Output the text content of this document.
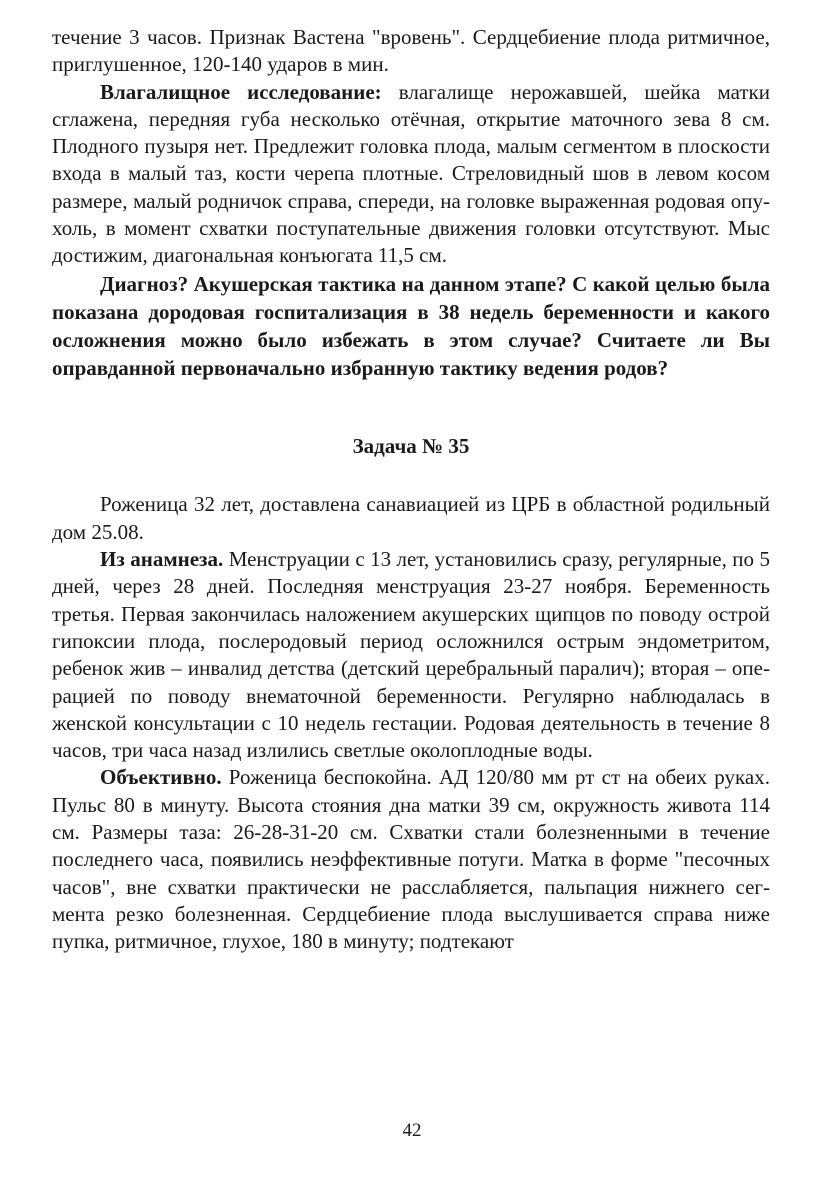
течение 3 часов. Признак Вастена "вровень". Сердцебиение плода ритмичное, приглушенное, 120-140 ударов в мин.

Влагалищное исследование: влагалище нерожавшей, шейка матки сглажена, передняя губа несколько отёчная, открытие маточного зева 8 см. Плодного пузыря нет. Предлежит головка плода, малым сегментом в плоскости входа в малый таз, кости черепа плотные. Стреловидный шов в левом косом размере, малый родничок справа, спереди, на головке выраженная родовая опухоль, в момент схватки поступательные движения головки отсутствуют. Мыс достижим, диагональная конъюгата 11,5 см.

Диагноз? Акушерская тактика на данном этапе? С какой целью была показана дородовая госпитализация в 38 недель беременности и какого осложнения можно было избежать в этом случае? Считаете ли Вы оправданной первоначально избранную тактику ведения родов?

Задача № 35

Роженица 32 лет, доставлена санавиацией из ЦРБ в областной родильный дом 25.08.

Из анамнеза. Менструации с 13 лет, установились сразу, регулярные, по 5 дней, через 28 дней. Последняя менструация 23-27 ноября. Беременность третья. Первая закончилась наложением акушерских щипцов по поводу острой гипоксии плода, послеродовый период осложнился острым эндометритом, ребенок жив – инвалид детства (детский церебральный паралич); вторая – операцией по поводу внематочной беременности. Регулярно наблюдалась в женской консультации с 10 недель гестации. Родовая деятельность в течение 8 часов, три часа назад излились светлые околоплодные воды.

Объективно. Роженица беспокойна. АД 120/80 мм рт ст на обеих руках. Пульс 80 в минуту. Высота стояния дна матки 39 см, окружность живота 114 см. Размеры таза: 26-28-31-20 см. Схватки стали болезненными в течение последнего часа, появились неэффективные потуги. Матка в форме "песочных часов", вне схватки практически не расслабляется, пальпация нижнего сегмента резко болезненная. Сердцебиение плода выслушивается справа ниже пупка, ритмичное, глухое, 180 в минуту; подтекают

42
